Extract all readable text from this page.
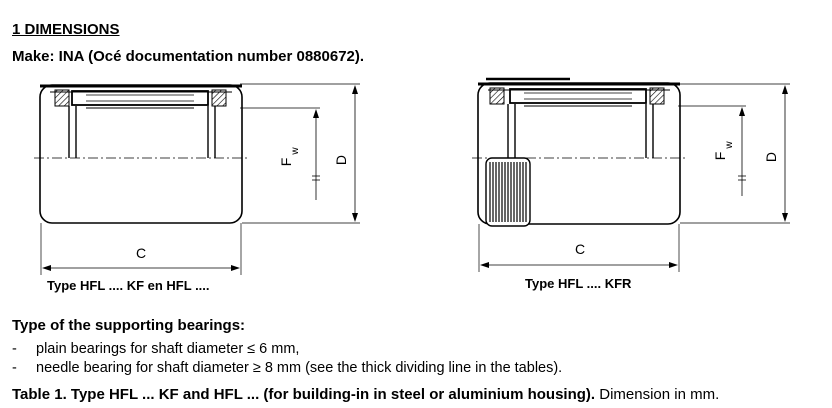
1 DIMENSIONS
Make: INA (Océ documentation number 0880672).
D
F
w
D
F
w
C	C
Type HFL .... KF en HFL ....	Type HFL .... KFR
Type of the supporting bearings:
- plain bearings for shaft diameter ≤ 6 mm,
- needle bearing for shaft diameter ≥ 8 mm (see the thick dividing line in the tables).
Table 1. Type HFL ... KF and HFL ... (for building-in in steel or aluminium housing). Dimension in mm.
